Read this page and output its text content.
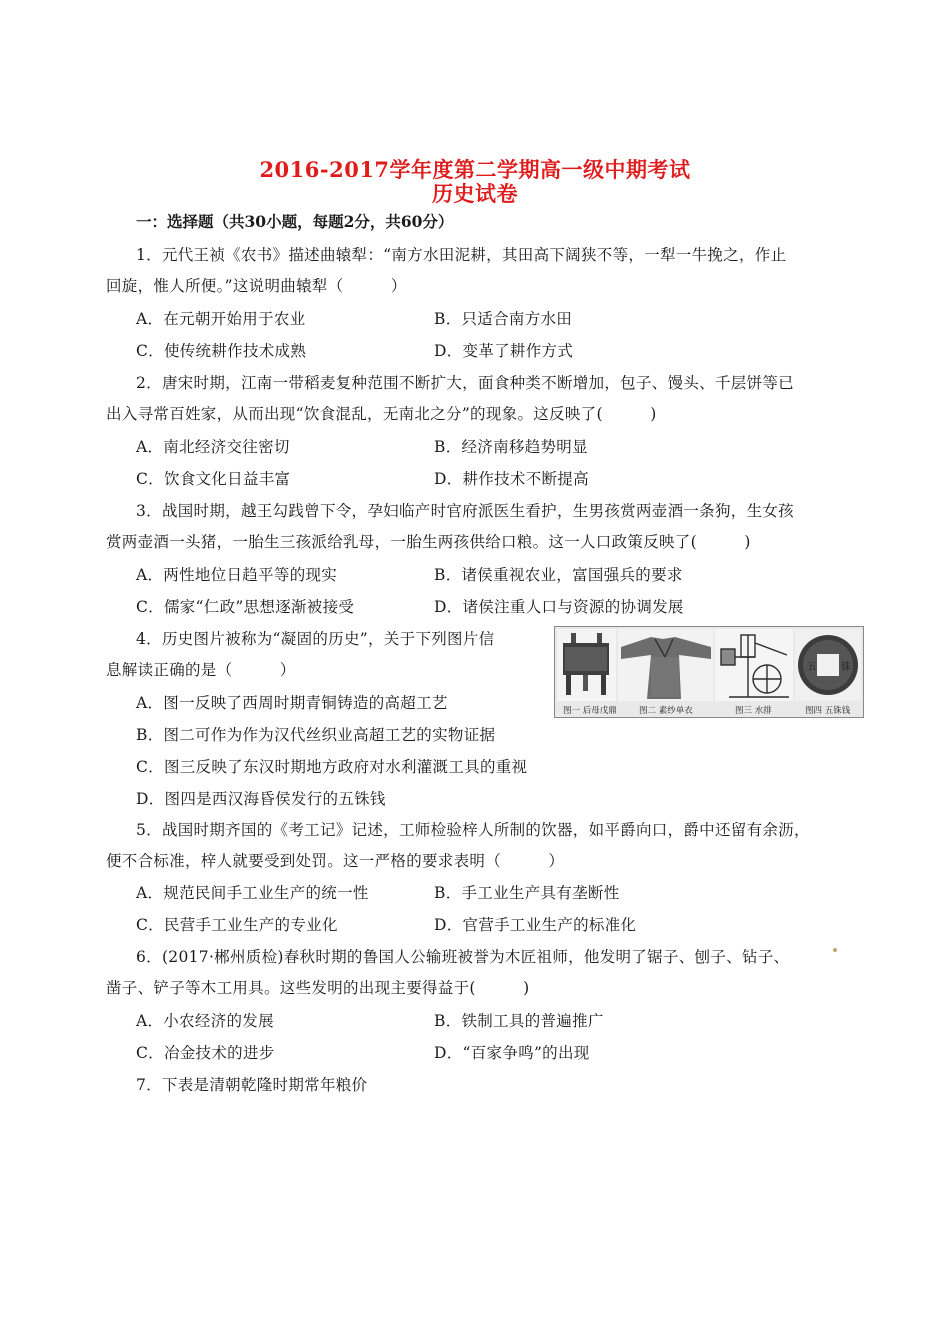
2016-2017学年度第二学期高一级中期考试
历史试卷
一：选择题（共30小题，每题2分，共60分）
1．元代王祯《农书》描述曲辕犁：“南方水田泥耕，其田高下阔狭不等，一犁一牛挽之，作止
回旋，惟人所便。”这说明曲辕犁（　　　）
A．在元朝开始用于农业	B．只适合南方水田
C．使传统耕作技术成熟	D．变革了耕作方式
2．唐宋时期，江南一带稻麦复种范围不断扩大，面食种类不断增加，包子、馒头、千层饼等已
出入寻常百姓家，从而出现“饮食混乱，无南北之分”的现象。这反映了(　　　)
A．南北经济交往密切	B．经济南移趋势明显
C．饮食文化日益丰富	D．耕作技术不断提高
3．战国时期，越王勾践曾下令，孕妇临产时官府派医生看护，生男孩赏两壶酒一条狗，生女孩
赏两壶酒一头猪，一胎生三孩派给乳母，一胎生两孩供给口粮。这一人口政策反映了(　　　)
A．两性地位日趋平等的现实	B．诸侯重视农业，富国强兵的要求
C．儒家“仁政”思想逐渐被接受	D．诸侯注重人口与资源的协调发展
4．历史图片被称为“凝固的历史”，关于下列图片信
息解读正确的是（　　　）
A．图一反映了西周时期青铜铸造的高超工艺
B．图二可作为作为汉代丝织业高超工艺的实物证据
C．图三反映了东汉时期地方政府对水利灌溉工具的重视
D．图四是西汉海昏侯发行的五铢钱
五 铢
图一 后母戊鼎	图二 素纱单衣	图三 水排	图四 五铢钱
5．战国时期齐国的《考工记》记述，工师检验梓人所制的饮器，如平爵向口，爵中还留有余沥，
便不合标准，梓人就要受到处罚。这一严格的要求表明（　　　）
A．规范民间手工业生产的统一性	B．手工业生产具有垄断性
C．民营手工业生产的专业化	D．官营手工业生产的标准化
6．(2017·郴州质检)春秋时期的鲁国人公输班被誉为木匠祖师，他发明了锯子、刨子、钻子、
凿子、铲子等木工用具。这些发明的出现主要得益于(　　　)
A．小农经济的发展	B．铁制工具的普遍推广
C．冶金技术的进步	D．“百家争鸣”的出现
7．下表是清朝乾隆时期常年粮价
